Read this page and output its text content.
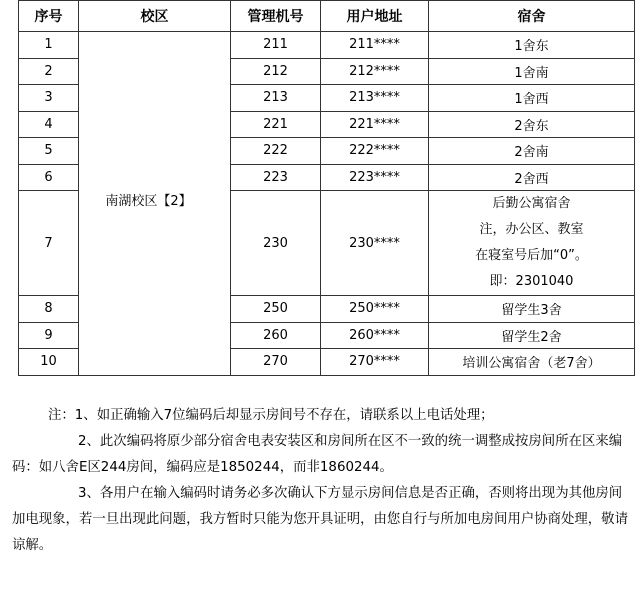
序号	校区	管理机号	用户地址	宿舍
1	南湖校区【2】	211	211****	1舍东
2		212	212****	1舍南
3		213	213****	1舍西
4		221	221****	2舍东
5		222	222****	2舍南
6		223	223****	2舍西
7		230	230****	后勤公寓宿舍
注，办公区、教室
在寝室号后加“0”。
即：2301040

8		250	250****	留学生3舍
9		260	260****	留学生2舍
10		270	270****	培训公寓宿舍（老7舍）

注：1、如正确输入7位编码后却显示房间号不存在，请联系以上电话处理；

2、此次编码将原少部分宿舍电表安装区和房间所在区不一致的统一调整成按房间所在区来编码：如八舍E区244房间，编码应是1850244，而非1860244。

3、各用户在输入编码时请务必多次确认下方显示房间信息是否正确，否则将出现为其他房间加电现象，若一旦出现此问题，我方暂时只能为您开具证明，由您自行与所加电房间用户协商处理，敬请谅解。
